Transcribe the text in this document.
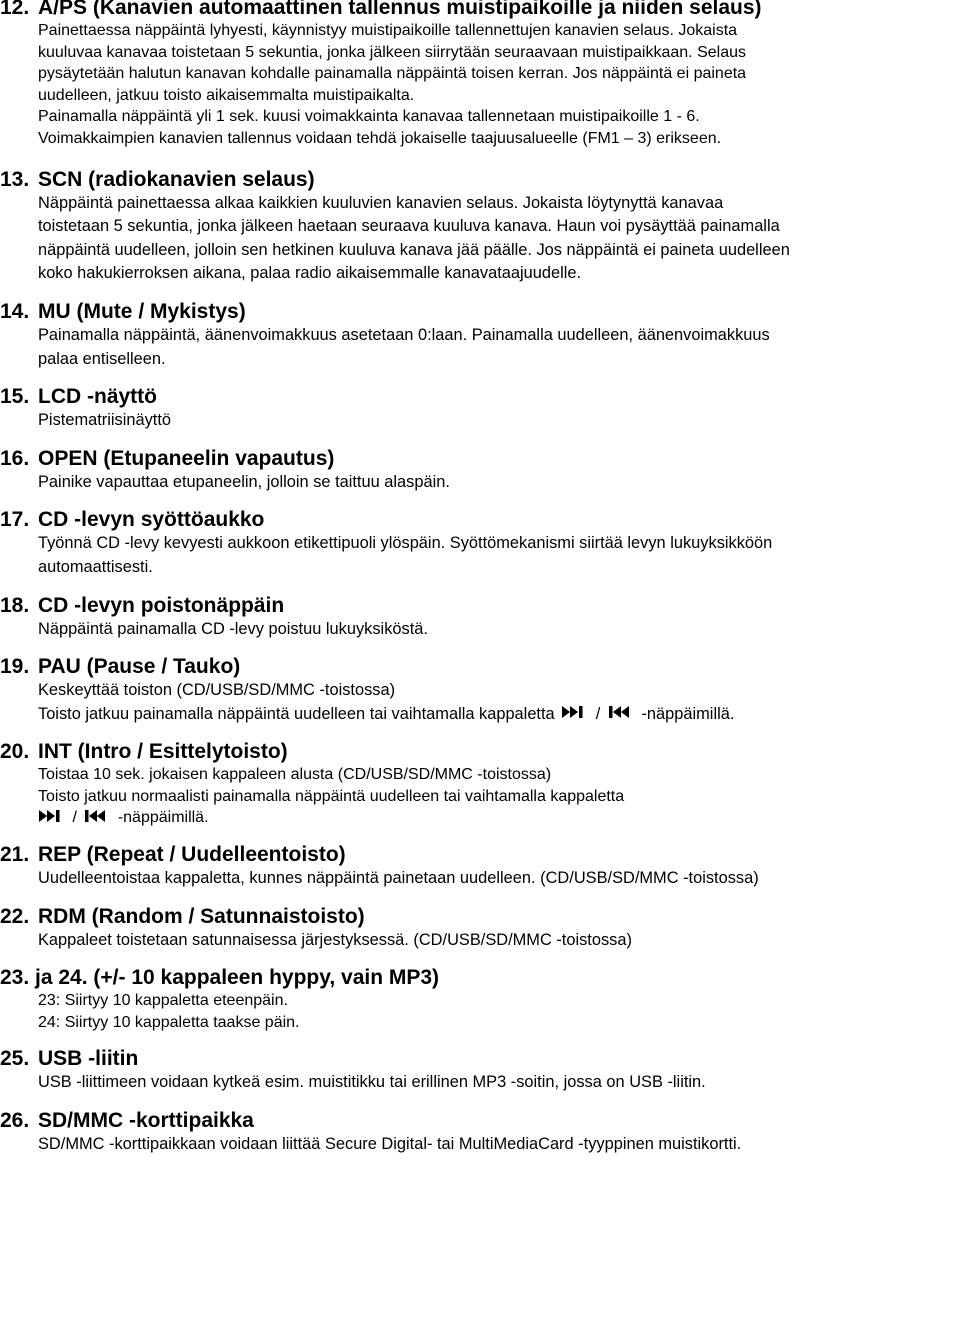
12. A/PS (Kanavien automaattinen tallennus muistipaikoille ja niiden selaus)
Painettaessa näppäintä lyhyesti, käynnistyy muistipaikoille tallennettujen kanavien selaus. Jokaista
kuuluvaa kanavaa toistetaan 5 sekuntia, jonka jälkeen siirrytään seuraavaan muistipaikkaan. Selaus
pysäytetään halutun kanavan kohdalle painamalla näppäintä toisen kerran. Jos näppäintä ei paineta
uudelleen, jatkuu toisto aikaisemmalta muistipaikalta.
Painamalla näppäintä yli 1 sek. kuusi voimakkainta kanavaa tallennetaan muistipaikoille 1 - 6.
Voimakkaimpien kanavien tallennus voidaan tehdä jokaiselle taajuusalueelle (FM1 – 3) erikseen.
13. SCN (radiokanavien selaus)
Näppäintä painettaessa alkaa kaikkien kuuluvien kanavien selaus. Jokaista löytynyttä kanavaa
toistetaan 5 sekuntia, jonka jälkeen haetaan seuraava kuuluva kanava. Haun voi pysäyttää painamalla
näppäintä uudelleen, jolloin sen hetkinen kuuluva kanava jää päälle. Jos näppäintä ei paineta uudelleen
koko hakukierroksen aikana, palaa radio aikaisemmalle kanavataajuudelle.
14. MU (Mute / Mykistys)
Painamalla näppäintä, äänenvoimakkuus asetetaan 0:laan. Painamalla uudelleen, äänenvoimakkuus
palaa entiselleen.
15. LCD -näyttö
Pistematriisinäyttö
16. OPEN (Etupaneelin vapautus)
Painike vapauttaa etupaneelin, jolloin se taittuu alaspäin.
17. CD -levyn syöttöaukko
Työnnä CD -levy kevyesti aukkoon etikettipuoli ylöspäin. Syöttömekanismi siirtää levyn lukuyksikköön
automaattisesti.
18. CD -levyn poistonäppäin
Näppäintä painamalla CD -levy poistuu lukuyksiköstä.
19. PAU (Pause / Tauko)
Keskeyttää toiston (CD/USB/SD/MMC -toistossa)
Toisto jatkuu painamalla näppäintä uudelleen tai vaihtamalla kappaletta	/	-näppäimillä.
20. INT (Intro / Esittelytoisto)
Toistaa 10 sek. jokaisen kappaleen alusta (CD/USB/SD/MMC -toistossa)
Toisto jatkuu normaalisti painamalla näppäintä uudelleen tai vaihtamalla kappaletta
/	-näppäimillä.
21. REP (Repeat / Uudelleentoisto)
Uudelleentoistaa kappaletta, kunnes näppäintä painetaan uudelleen. (CD/USB/SD/MMC -toistossa)
22. RDM (Random / Satunnaistoisto)
Kappaleet toistetaan satunnaisessa järjestyksessä. (CD/USB/SD/MMC -toistossa)
23. ja 24. (+/- 10 kappaleen hyppy, vain MP3)
23: Siirtyy 10 kappaletta eteenpäin.
24: Siirtyy 10 kappaletta taakse päin.
25. USB -liitin
USB -liittimeen voidaan kytkeä esim. muistitikku tai erillinen MP3 -soitin, jossa on USB -liitin.
26. SD/MMC -korttipaikka
SD/MMC -korttipaikkaan voidaan liittää Secure Digital- tai MultiMediaCard -tyyppinen muistikortti.
